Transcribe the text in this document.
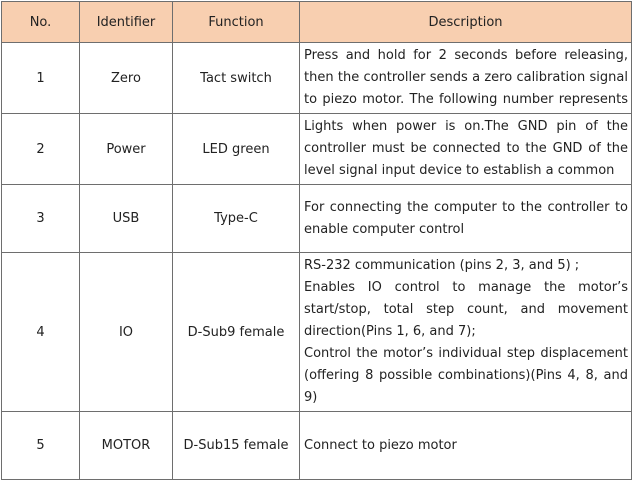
No.	Identifier	Function	Description
1	Zero	Tact switch	Press and hold for 2 seconds before releasing, then the controller sends a zero calibration signal to piezo motor. The following number represents

2	Power	LED green	Lights when power is on.The GND pin of the controller must be connected to the GND of the level signal input device to establish a common

3	USB	Type-C	For connecting the computer to the controller to enable computer control

4	IO	D-Sub9 female	RS-232 communication (pins 2, 3, and 5) ;
Enables IO control to manage the motor’s start/stop, total step count, and movement direction(Pins 1, 6, and 7);
Control the motor’s individual step displacement (offering 8 possible combinations)(Pins 4, 8, and 9)

5	MOTOR	D-Sub15 female	Connect to piezo motor
